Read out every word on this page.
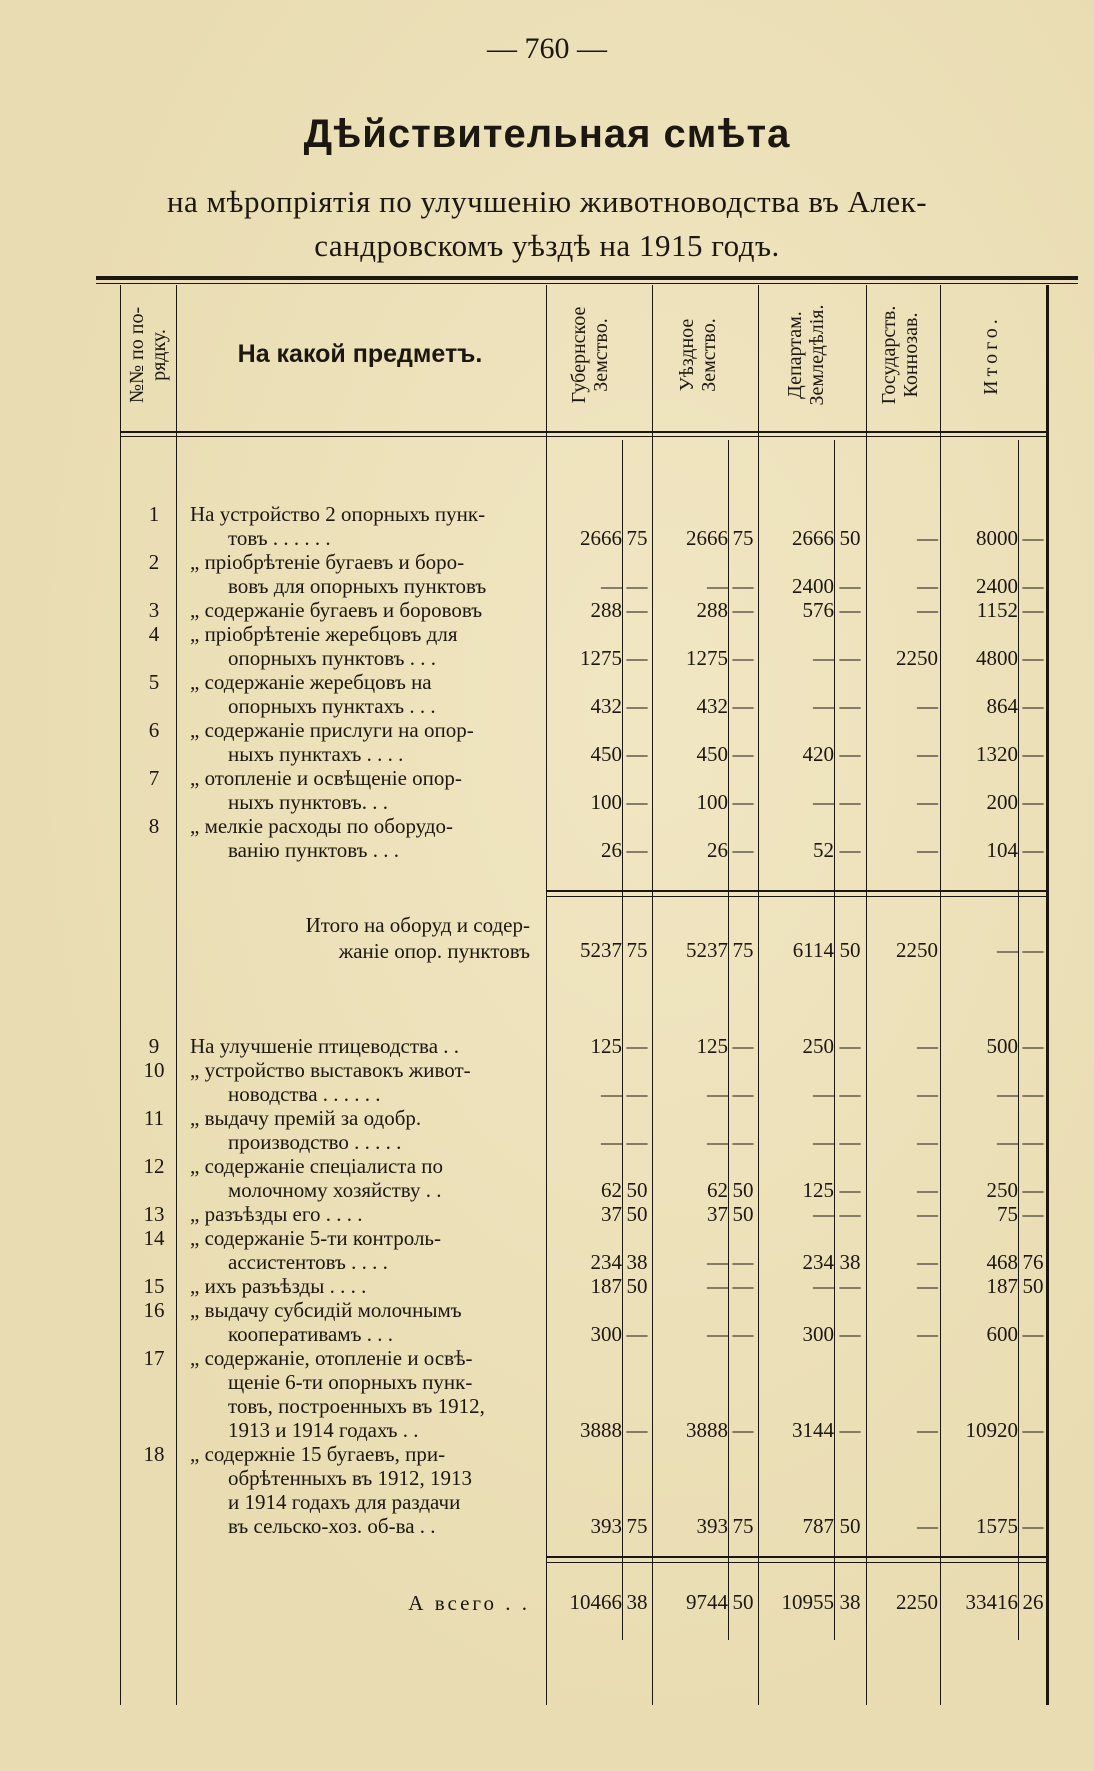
— 760 —
Дѣйствительная смѣта
на мѣропріятія по улучшенію животноводства въ Алек-
сандровскомъ уѣздѣ на 1915 годъ.
№№ по по-
рядку.	На какой предметъ.	Губернское
Земство.	Уѣздное
Земство.	Департам.
Земледѣлія.	Государств.
Коннозав.	Итого.
1	На устройство 2 опорныхъ пунк-
товъ . . . . . .	2666 75	2666 75	2666 50	—	8000 —
2	„ пріобрѣтеніе бугаевъ и боро-
вовъ для опорныхъ пунктовъ	— —	— —	2400 —	—	2400 —
3	„ содержаніе бугаевъ и борововъ	288 —	288 —	576 —	—	1152 —
4	„ пріобрѣтеніе жеребцовъ для
опорныхъ пунктовъ . . .	1275 —	1275 —	— —	2250	4800 —
5	„ содержаніе жеребцовъ на
опорныхъ пунктахъ . . .	432 —	432 —	— —	—	864 —
6	„ содержаніе прислуги на опор-
ныхъ пунктахъ . . . .	450 —	450 —	420 —	—	1320 —
7	„ отопленіе и освѣщеніе опор-
ныхъ пунктовъ. . .	100 —	100 —	— —	—	200 —
8	„ мелкіе расходы по оборудо-
ванію пунктовъ . . .	26 —	26 —	52 —	—	104 —
Итого на оборуд и содер-
жаніе опор. пунктовъ	5237 75	5237 75	6114 50	2250	— —
9	На улучшеніе птицеводства . .	125 —	125 —	250 —	—	500 —
10	„ устройство выставокъ живот-
новодства . . . . . .	— —	— —	— —	—	— —
11	„ выдачу премій за одобр.
производство . . . . .	— —	— —	— —	—	— —
12	„ содержаніе спеціалиста по
молочному хозяйству . .	62 50	62 50	125 —	—	250 —
13	„ разъѣзды его . . . .	37 50	37 50	— —	—	75 —
14	„ содержаніе 5-ти контроль-
ассистентовъ . . . .	234 38	— —	234 38	—	468 76
15	„ ихъ разъѣзды . . . .	187 50	— —	— —	—	187 50
16	„ выдачу субсидій молочнымъ
кооперативамъ . . .	300 —	— —	300 —	—	600 —
17	„ содержаніе, отопленіе и освѣ-
щеніе 6-ти опорныхъ пунк-
товъ, построенныхъ въ 1912,
1913 и 1914 годахъ . .	3888 —	3888 —	3144 —	—	10920 —
18	„ содержніе 15 бугаевъ, при-
обрѣтенныхъ въ 1912, 1913
и 1914 годахъ для раздачи
въ сельско-хоз. об-ва . .	393 75	393 75	787 50	—	1575 —
А всего . .	10466 38	9744 50	10955 38	2250	33416 26
